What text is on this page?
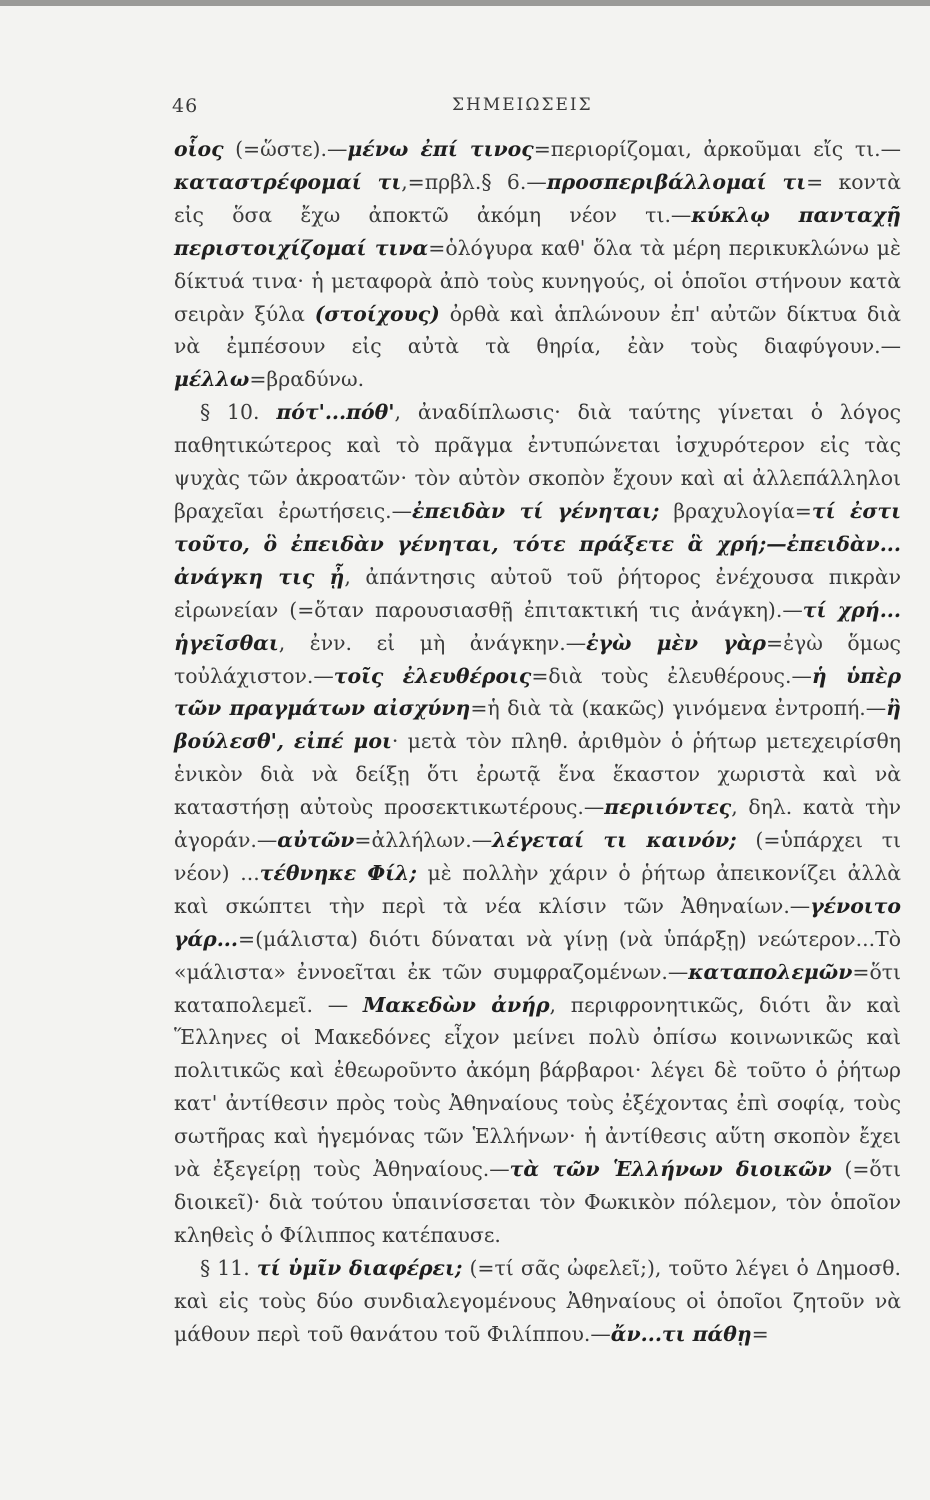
46	ΣΗΜΕΙΩΣΕΙΣ

οἷος (=ὥστε).—μένω ἐπί τινος=περιορίζομαι, ἀρκοῦμαι εἴς τι.—καταστρέφομαί τι,=πρβλ.§ 6.—προσπεριβάλλομαί τι= κοντὰ εἰς ὅσα ἔχω ἀποκτῶ ἀκόμη νέον τι.—κύκλῳ πανταχῇ περιστοιχίζομαί τινα=ὁλόγυρα καθ' ὅλα τὰ μέρη περικυκλώνω μὲ δίκτυά τινα· ἡ μεταφορὰ ἀπὸ τοὺς κυνηγούς, οἱ ὁποῖοι στήνουν κατὰ σειρὰν ξύλα (στοίχους) ὀρθὰ καὶ ἁπλώνουν ἐπ' αὐτῶν δίκτυα διὰ νὰ ἐμπέσουν εἰς αὐτὰ τὰ θηρία, ἐὰν τοὺς διαφύγουν.—μέλλω=βραδύνω.

§ 10. πότ'...πόθ', ἀναδίπλωσις· διὰ ταύτης γίνεται ὁ λόγος παθητικώτερος καὶ τὸ πρᾶγμα ἐντυπώνεται ἰσχυρότερον εἰς τὰς ψυχὰς τῶν ἀκροατῶν· τὸν αὐτὸν σκοπὸν ἔχουν καὶ αἱ ἀλλεπάλληλοι βραχεῖαι ἐρωτήσεις.—ἐπειδὰν τί γένηται; βραχυλογία=τί ἐστι τοῦτο, ὃ ἐπειδὰν γένηται, τότε πράξετε ἃ χρή;—ἐπειδὰν... ἀνάγκη τις ᾖ, ἀπάντησις αὐτοῦ τοῦ ῥήτορος ἐνέχουσα πικρὰν εἰρωνείαν (=ὅταν παρουσιασθῇ ἐπιτακτική τις ἀνάγκη).—τί χρή... ἡγεῖσθαι, ἐνν. εἰ μὴ ἀνάγκην.—ἐγὼ μὲν γὰρ=ἐγὼ ὅμως τοὐλάχιστον.—τοῖς ἐλευθέροις=διὰ τοὺς ἐλευθέρους.—ἡ ὑπὲρ τῶν πραγμάτων αἰσχύνη=ἡ διὰ τὰ (κακῶς) γινόμενα ἐντροπή.—ἢ βούλεσθ', εἰπέ μοι· μετὰ τὸν πληθ. ἀριθμὸν ὁ ῥήτωρ μετεχειρίσθη ἑνικὸν διὰ νὰ δείξῃ ὅτι ἐρωτᾷ ἕνα ἕκαστον χωριστὰ καὶ νὰ καταστήσῃ αὐτοὺς προσεκτικωτέρους.—περιιόντες, δηλ. κατὰ τὴν ἀγοράν.—αὐτῶν=ἀλλήλων.—λέγεταί τι καινόν; (=ὑπάρχει τι νέον) ...τέθνηκε Φίλ; μὲ πολλὴν χάριν ὁ ῥήτωρ ἀπεικονίζει ἀλλὰ καὶ σκώπτει τὴν περὶ τὰ νέα κλίσιν τῶν Ἀθηναίων.—γένοιτο γάρ...=(μάλιστα) διότι δύναται νὰ γίνῃ (νὰ ὑπάρξῃ) νεώτερον...Τὸ «μάλιστα» ἐννοεῖται ἐκ τῶν συμφραζομένων.—καταπολεμῶν=ὅτι καταπολεμεῖ. — Μακεδὼν ἀνήρ, περιφρονητικῶς, διότι ἂν καὶ Ἕλληνες οἱ Μακεδόνες εἶχον μείνει πολὺ ὀπίσω κοινωνικῶς καὶ πολιτικῶς καὶ ἐθεωροῦντο ἀκόμη βάρβαροι· λέγει δὲ τοῦτο ὁ ῥήτωρ κατ' ἀντίθεσιν πρὸς τοὺς Ἀθηναίους τοὺς ἐξέχοντας ἐπὶ σοφίᾳ, τοὺς σωτῆρας καὶ ἡγεμόνας τῶν Ἑλλήνων· ἡ ἀντίθεσις αὕτη σκοπὸν ἔχει νὰ ἐξεγείρῃ τοὺς Ἀθηναίους.—τὰ τῶν Ἑλλήνων διοικῶν (=ὅτι διοικεῖ)· διὰ τούτου ὑπαινίσσεται τὸν Φωκικὸν πόλεμον, τὸν ὁποῖον κληθεὶς ὁ Φίλιππος κατέπαυσε.

§ 11. τί ὑμῖν διαφέρει; (=τί σᾶς ὠφελεῖ;), τοῦτο λέγει ὁ Δημοσθ. καὶ εἰς τοὺς δύο συνδιαλεγομένους Ἀθηναίους οἱ ὁποῖοι ζητοῦν νὰ μάθουν περὶ τοῦ θανάτου τοῦ Φιλίππου.—ἄν...τι πάθῃ=
